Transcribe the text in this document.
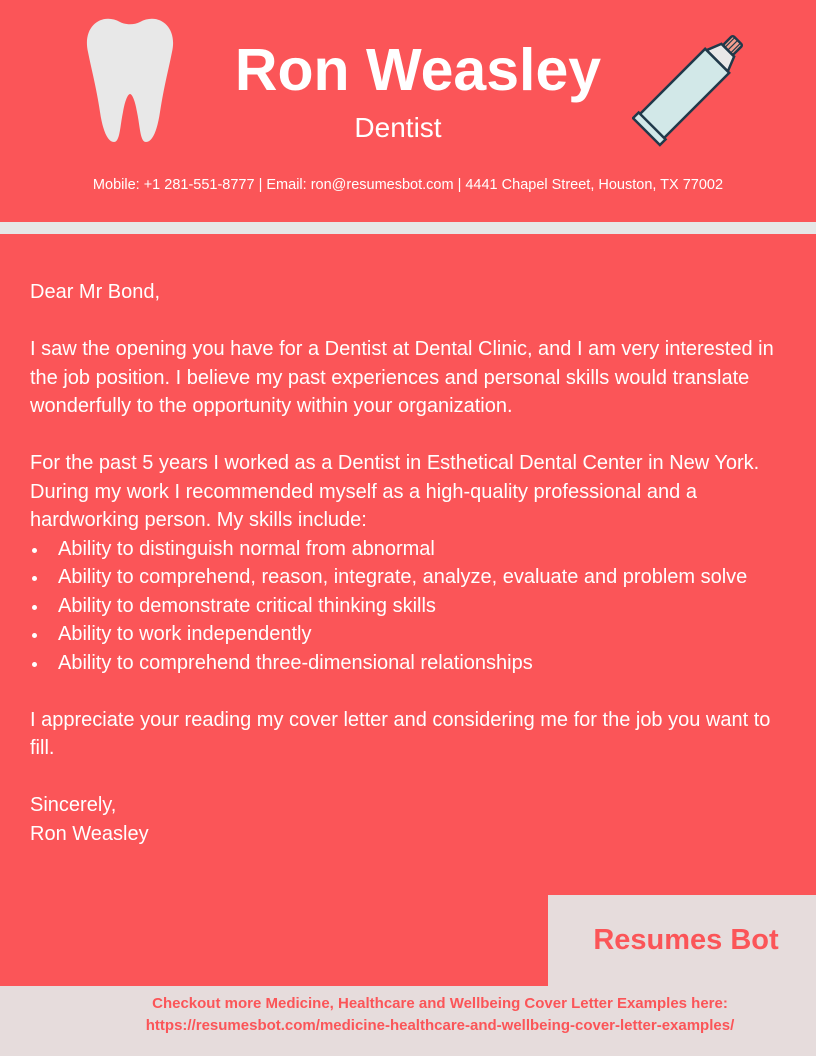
Ron Weasley
Dentist
Mobile: +1 281-551-8777 | Email: ron@resumesbot.com | 4441 Chapel Street, Houston, TX 77002

Dear Mr Bond,

I saw the opening you have for a Dentist at Dental Clinic, and I am very interested in the job position. I believe my past experiences and personal skills would translate wonderfully to the opportunity within your organization.

For the past 5 years I worked as a Dentist in Esthetical Dental Center in New York. During my work I recommended myself as a high-quality professional and a hardworking person. My skills include:

Ability to distinguish normal from abnormal
Ability to comprehend, reason, integrate, analyze, evaluate and problem solve
Ability to demonstrate critical thinking skills
Ability to work independently
Ability to comprehend three-dimensional relationships

I appreciate your reading my cover letter and considering me for the job you want to fill.

Sincerely,

Ron Weasley

Resumes Bot
Checkout more Medicine, Healthcare and Wellbeing Cover Letter Examples here:
https://resumesbot.com/medicine-healthcare-and-wellbeing-cover-letter-examples/
